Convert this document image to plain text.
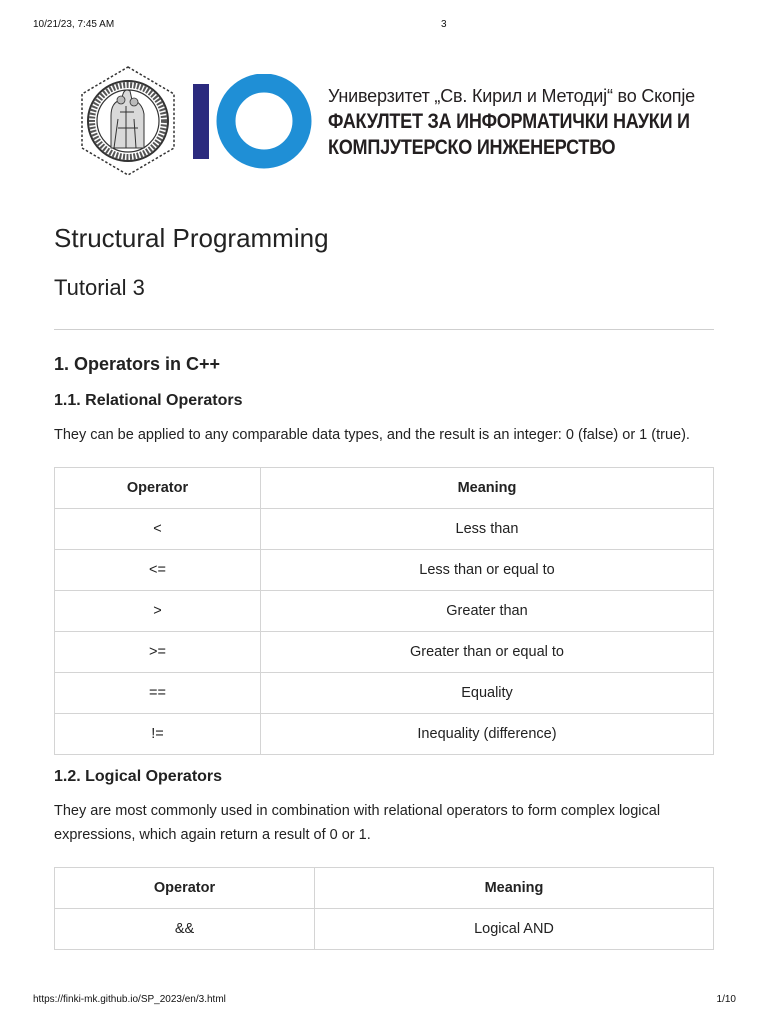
10/21/23, 7:45 AM	3
Универзитет „Св. Кирил и Методиј“ во Скопје
ФАКУЛТЕТ ЗА ИНФОРМАТИЧКИ НАУКИ И
КОМПЈУТЕРСКО ИНЖЕНЕРСТВО
Structural Programming
Tutorial 3
1. Operators in C++
1.1. Relational Operators

They can be applied to any comparable data types, and the result is an integer: 0 (false) or 1 (true).

Operator	Meaning
<	Less than
<=	Less than or equal to
>	Greater than
>=	Greater than or equal to
==	Equality
!=	Inequality (difference)
1.2. Logical Operators

They are most commonly used in combination with relational operators to form complex logical expressions, which again return a result of 0 or 1.

Operator	Meaning
&&	Logical AND
https://finki-mk.github.io/SP_2023/en/3.html	1/10
